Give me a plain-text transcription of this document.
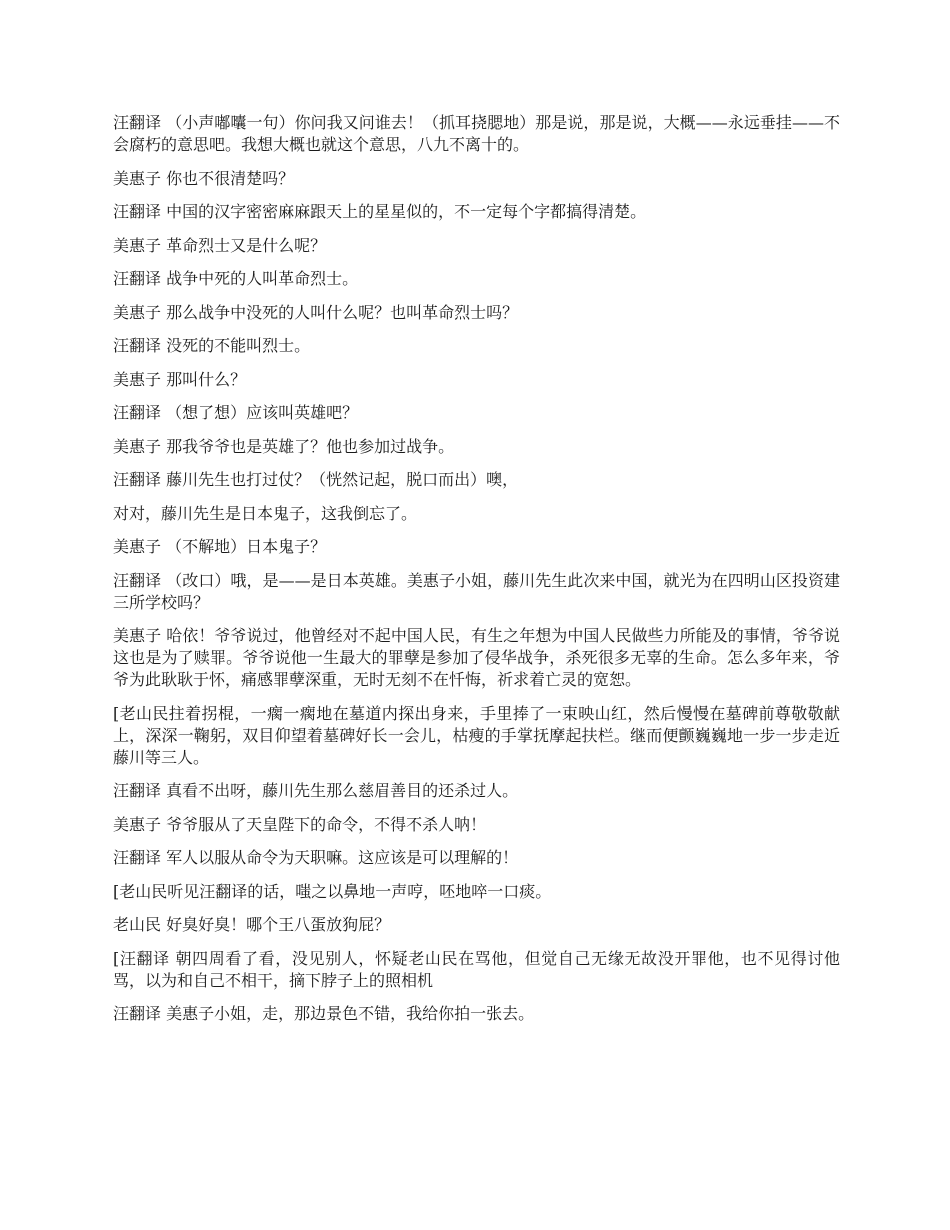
汪翻译 （小声嘟囔一句）你问我又问谁去！（抓耳挠腮地）那是说，那是说，大概——永远垂挂——不会腐朽的意思吧。我想大概也就这个意思，八九不离十的。

美惠子 你也不很清楚吗？

汪翻译 中国的汉字密密麻麻跟天上的星星似的，不一定每个字都搞得清楚。

美惠子 革命烈士又是什么呢？

汪翻译 战争中死的人叫革命烈士。

美惠子 那么战争中没死的人叫什么呢？也叫革命烈士吗？

汪翻译 没死的不能叫烈士。

美惠子 那叫什么？

汪翻译 （想了想）应该叫英雄吧？

美惠子 那我爷爷也是英雄了？他也参加过战争。

汪翻译 藤川先生也打过仗？（恍然记起，脱口而出）噢，

对对，藤川先生是日本鬼子，这我倒忘了。

美惠子 （不解地）日本鬼子？

汪翻译 （改口）哦，是——是日本英雄。美惠子小姐，藤川先生此次来中国，就光为在四明山区投资建三所学校吗？

美惠子 哈依！爷爷说过，他曾经对不起中国人民，有生之年想为中国人民做些力所能及的事情，爷爷说这也是为了赎罪。爷爷说他一生最大的罪孽是参加了侵华战争，杀死很多无辜的生命。怎么多年来，爷爷为此耿耿于怀，痛感罪孽深重，无时无刻不在忏悔，祈求着亡灵的宽恕。

[老山民拄着拐棍，一瘸一瘸地在墓道内探出身来，手里捧了一束映山红，然后慢慢在墓碑前尊敬敬献上，深深一鞠躬，双目仰望着墓碑好长一会儿，枯瘦的手掌抚摩起扶栏。继而便颤巍巍地一步一步走近藤川等三人。

汪翻译 真看不出呀，藤川先生那么慈眉善目的还杀过人。

美惠子 爷爷服从了天皇陛下的命令，不得不杀人呐！

汪翻译 军人以服从命令为天职嘛。这应该是可以理解的！

[老山民听见汪翻译的话，嗤之以鼻地一声哼，呸地啐一口痰。

老山民 好臭好臭！哪个王八蛋放狗屁？

[汪翻译 朝四周看了看，没见别人，怀疑老山民在骂他，但觉自己无缘无故没开罪他，也不见得讨他骂，以为和自己不相干，摘下脖子上的照相机

汪翻译 美惠子小姐，走，那边景色不错，我给你拍一张去。
